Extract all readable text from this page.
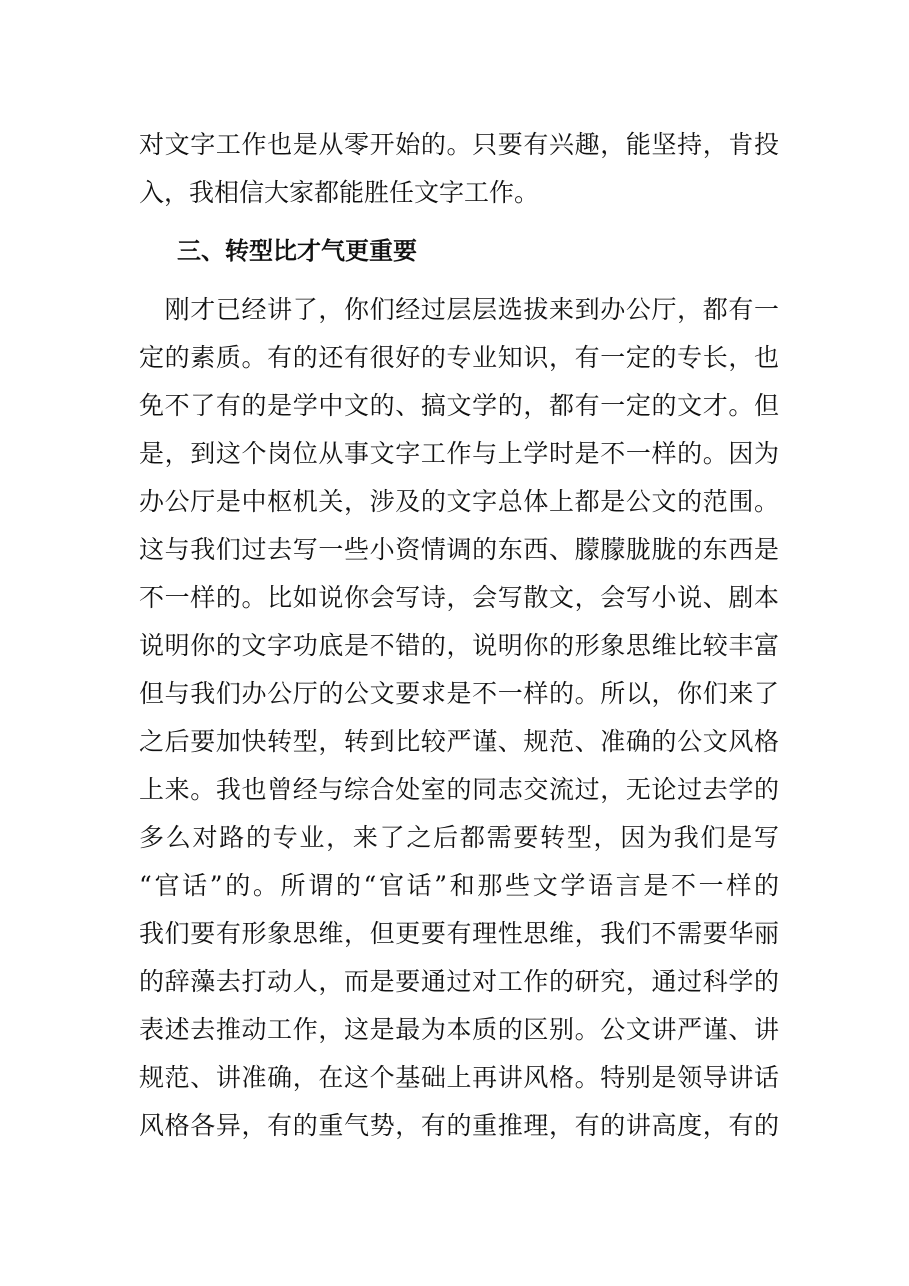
对文字工作也是从零开始的。只要有兴趣，能坚持，肯投
入，我相信大家都能胜任文字工作。
三、转型比才气更重要
　刚才已经讲了，你们经过层层选拔来到办公厅，都有一
定的素质。有的还有很好的专业知识，有一定的专长，也
免不了有的是学中文的、搞文学的，都有一定的文才。但
是，到这个岗位从事文字工作与上学时是不一样的。因为
办公厅是中枢机关，涉及的文字总体上都是公文的范围。
这与我们过去写一些小资情调的东西、朦朦胧胧的东西是
不一样的。比如说你会写诗，会写散文，会写小说、剧本
说明你的文字功底是不错的，说明你的形象思维比较丰富
但与我们办公厅的公文要求是不一样的。所以，你们来了
之后要加快转型，转到比较严谨、规范、准确的公文风格
上来。我也曾经与综合处室的同志交流过，无论过去学的
多么对路的专业，来了之后都需要转型，因为我们是写
“官话”的。所谓的“官话”和那些文学语言是不一样的
我们要有形象思维，但更要有理性思维，我们不需要华丽
的辞藻去打动人，而是要通过对工作的研究，通过科学的
表述去推动工作，这是最为本质的区别。公文讲严谨、讲
规范、讲准确，在这个基础上再讲风格。特别是领导讲话
风格各异，有的重气势，有的重推理，有的讲高度，有的
